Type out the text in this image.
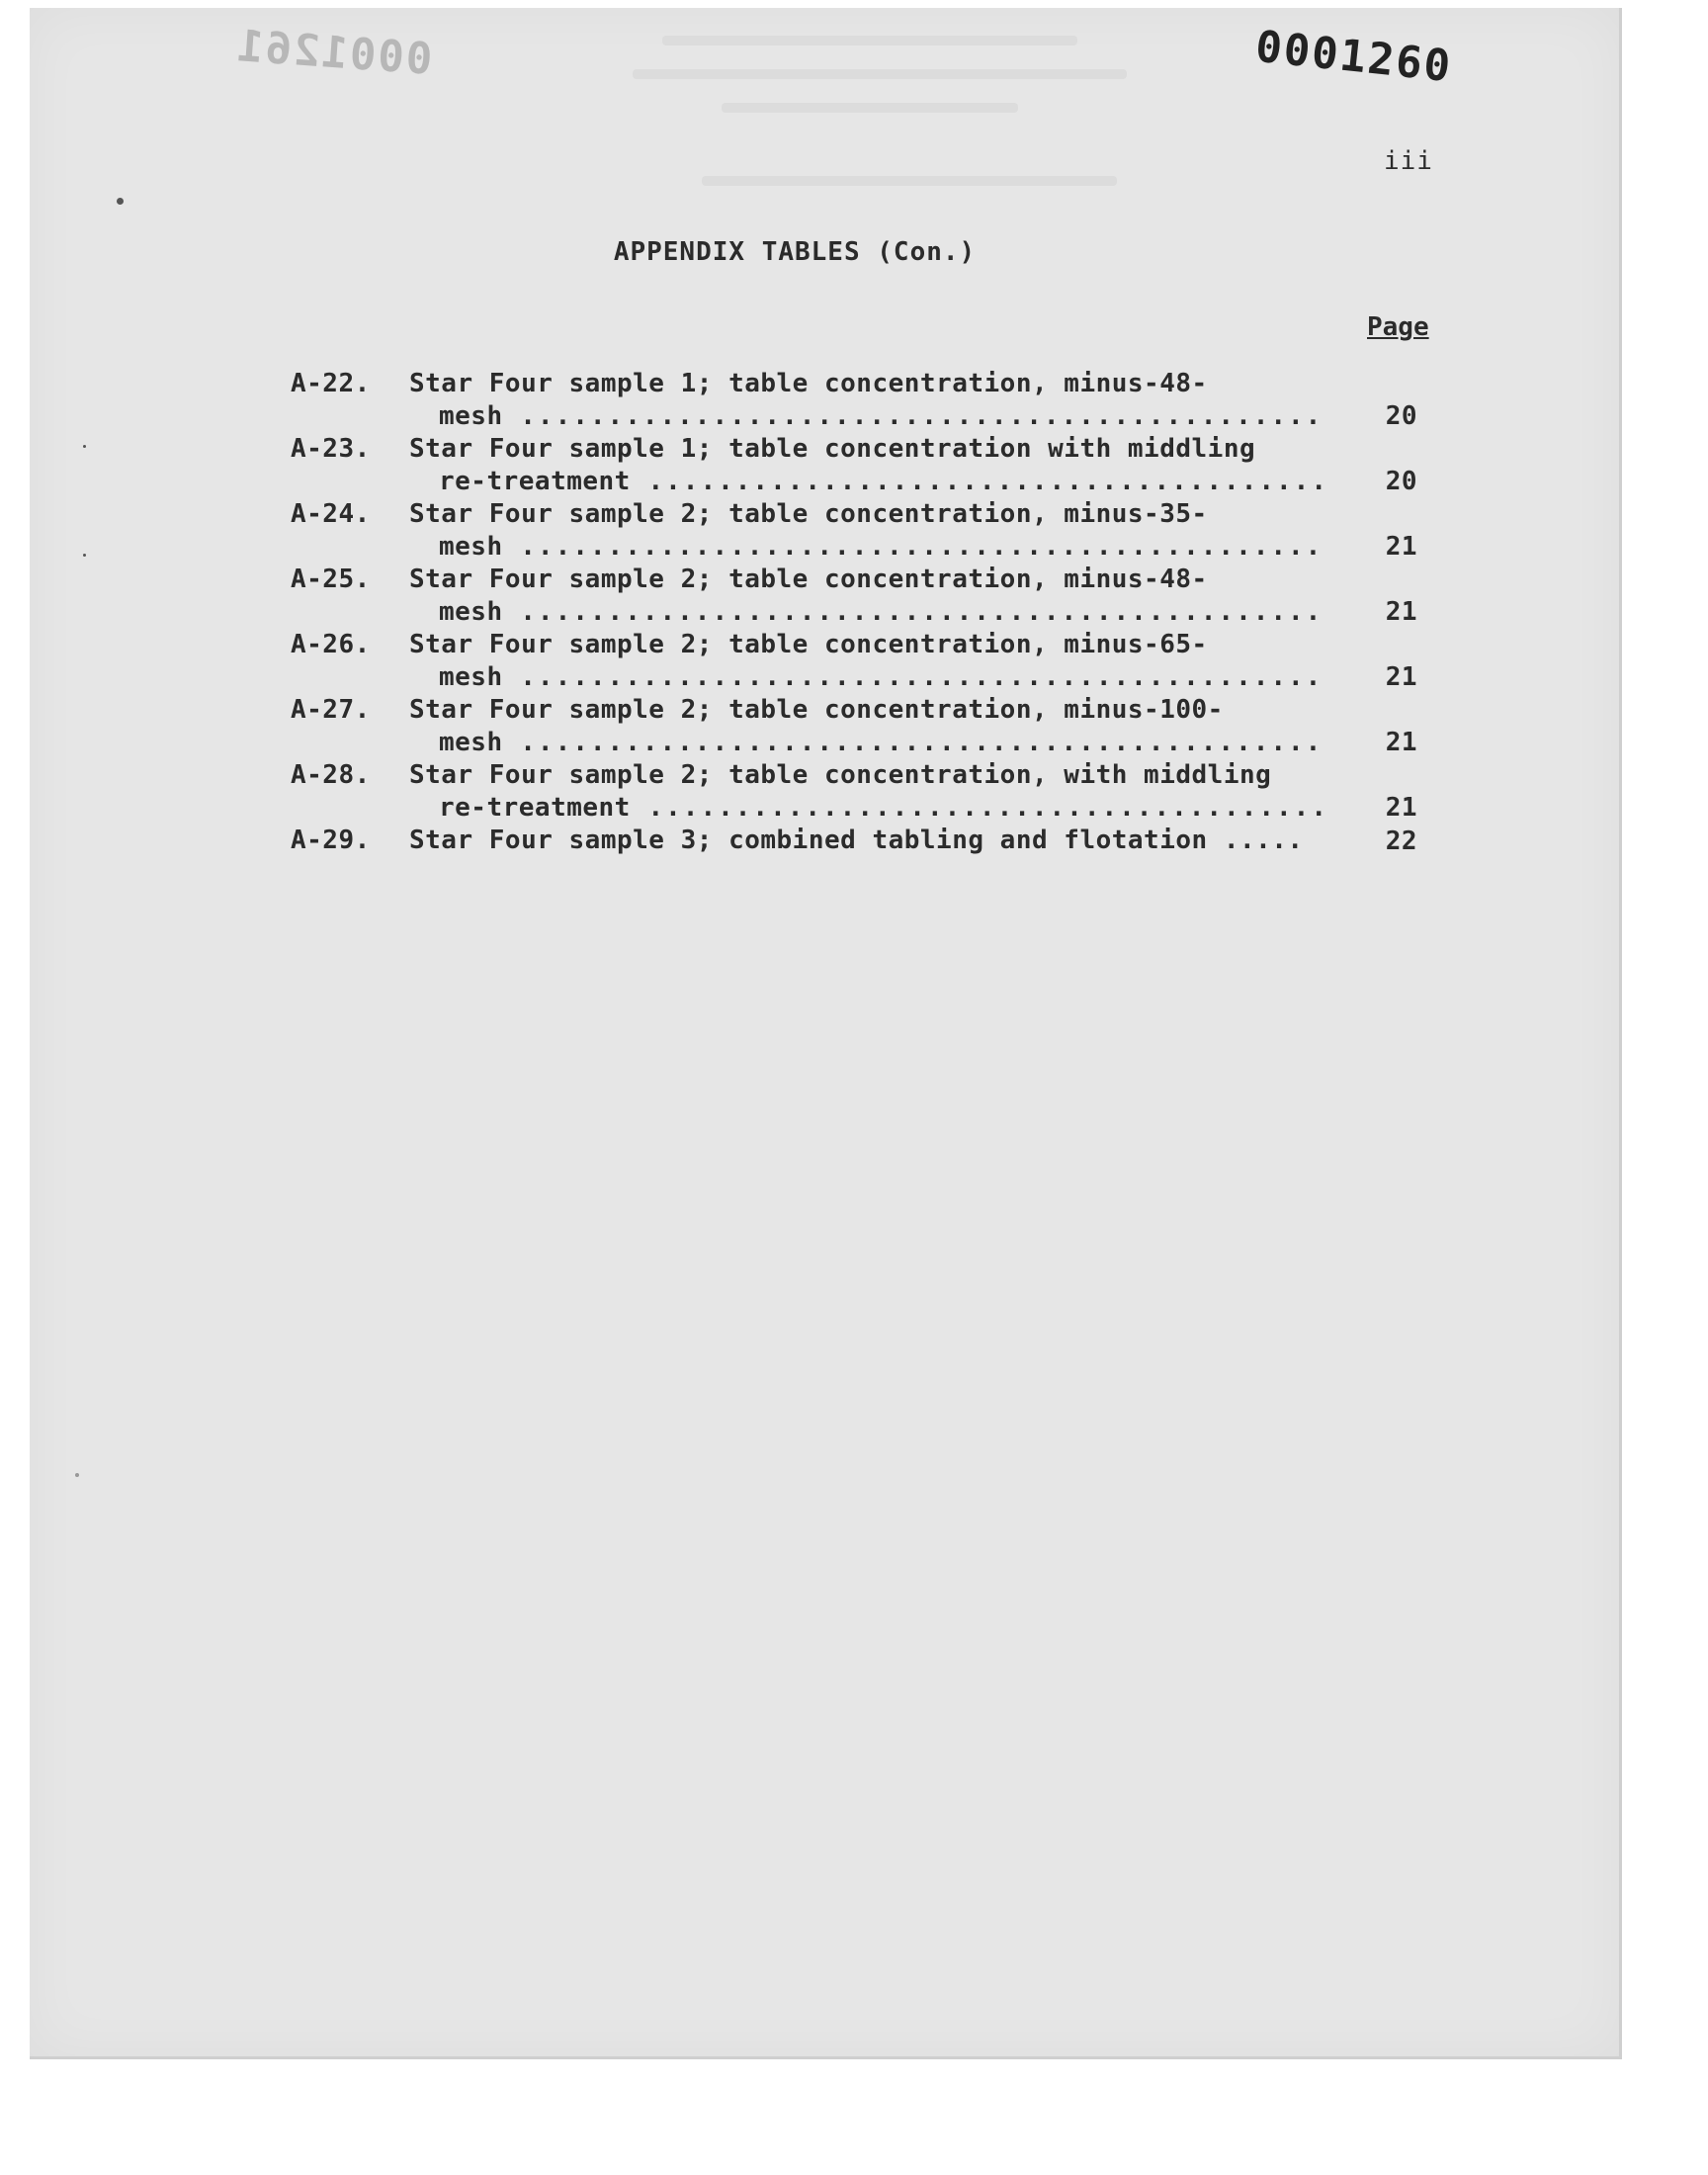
0001261	0001260
iii
APPENDIX TABLES (Con.)
Page
A-22.	Star Four sample 1; table concentration, minus-48-
mesh .....	20
A-23.	Star Four sample 1; table concentration with middling
re-treatment .....	20
A-24.	Star Four sample 2; table concentration, minus-35-
mesh .....	21
A-25.	Star Four sample 2; table concentration, minus-48-
mesh .....	21
A-26.	Star Four sample 2; table concentration, minus-65-
mesh .....	21
A-27.	Star Four sample 2; table concentration, minus-100-
mesh .....	21
A-28.	Star Four sample 2; table concentration, with middling
re-treatment .....	21
A-29.	Star Four sample 3; combined tabling and flotation .....	22
